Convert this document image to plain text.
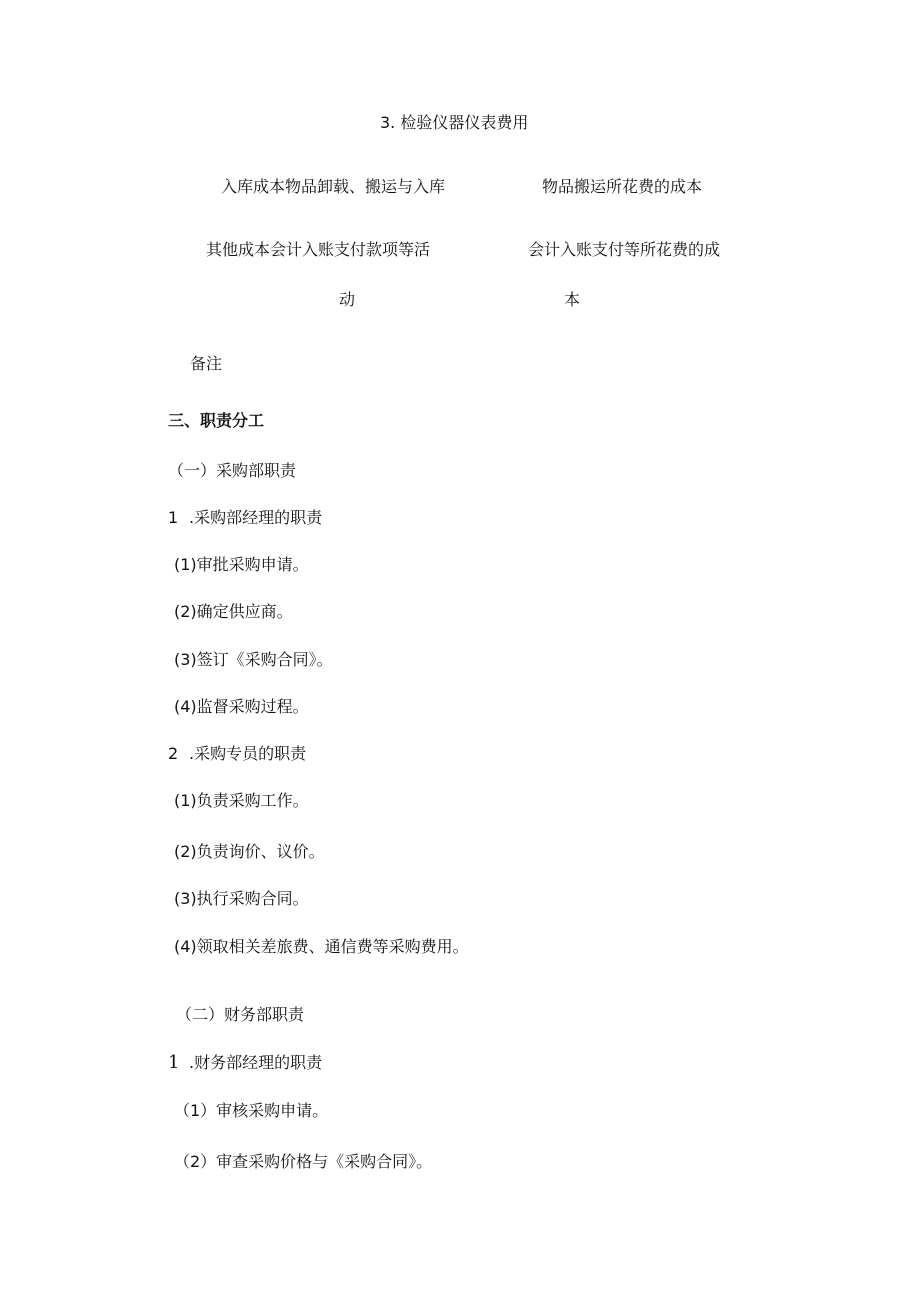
3. 检验仪器仪表费用
入库成本物品卸载、搬运与入库	物品搬运所花费的成本
其他成本会计入账支付款项等活	会计入账支付等所花费的成
动	本
备注
三、职责分工
（一）采购部职责
1 .采购部经理的职责
(1)审批采购申请。
(2)确定供应商。
(3)签订《采购合同》。
(4)监督采购过程。
2 .采购专员的职责
(1)负责采购工作。
(2)负责询价、议价。
(3)执行采购合同。
(4)领取相关差旅费、通信费等采购费用。
（二）财务部职责
1 .财务部经理的职责
（1）审核采购申请。
（2）审查采购价格与《采购合同》。
